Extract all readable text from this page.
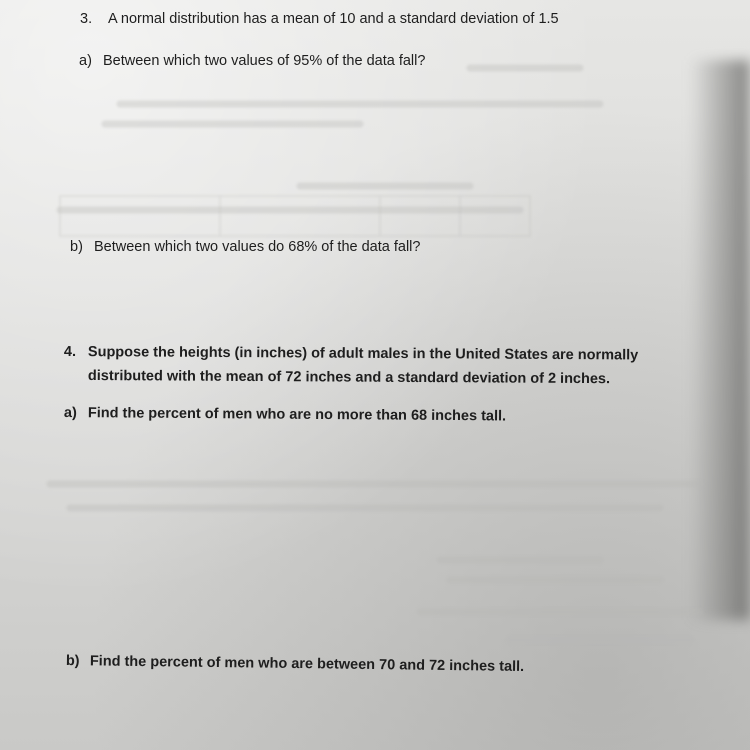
3. A normal distribution has a mean of 10 and a standard deviation of 1.5
a) Between which two values of 95% of the data fall?
b) Between which two values do 68% of the data fall?
4. Suppose the heights (in inches) of adult males in the United States are normally
distributed with the mean of 72 inches and a standard deviation of 2 inches.
a) Find the percent of men who are no more than 68 inches tall.
b) Find the percent of men who are between 70 and 72 inches tall.
